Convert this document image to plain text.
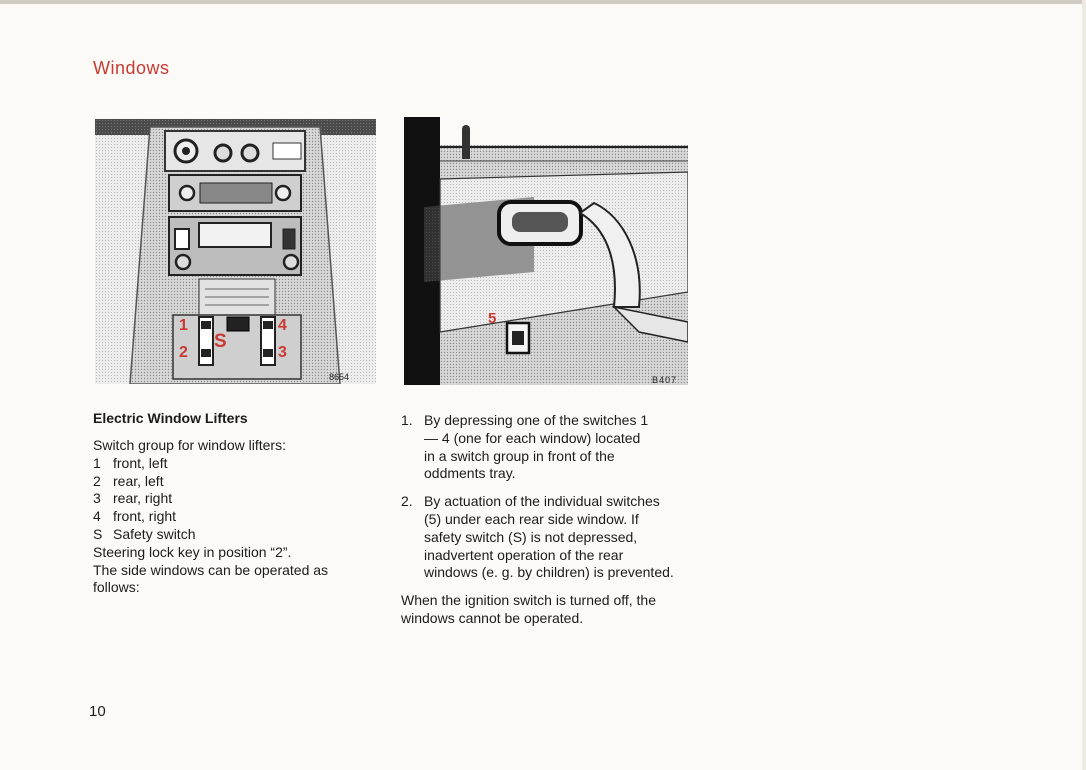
Windows
1
2
S
4
3
8654
5
B407
Electric Window Lifters

Switch group for window lifters:

1 front, left
2 rear, left
3 rear, right
4 front, right
S Safety switch

Steering lock key in position “2”.

The side windows can be operated as follows:

1. By depressing one of the switches 1 — 4 (one for each window) located in a switch group in front of the oddments tray.
2. By actuation of the individual switches (5) under each rear side window. If safety switch (S) is not depressed, inadvertent operation of the rear windows (e. g. by children) is prevented.

When the ignition switch is turned off, the windows cannot be operated.

10
